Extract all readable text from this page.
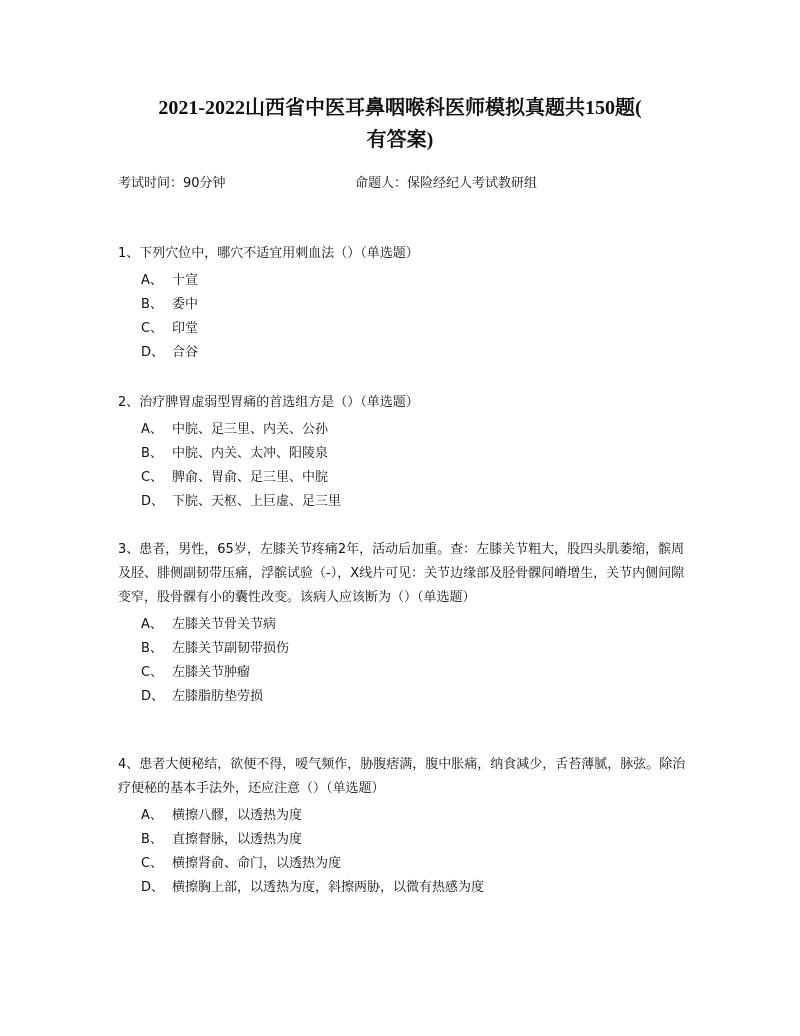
2021-2022山西省中医耳鼻咽喉科医师模拟真题共150题(
有答案)
考试时间：90分钟	命题人：保险经纪人考试教研组

1、下列穴位中，哪穴不适宜用刺血法（）（单选题）

A、 十宣
B、 委中
C、 印堂
D、 合谷

2、治疗脾胃虚弱型胃痛的首选组方是（）（单选题）

A、 中脘、足三里、内关、公孙
B、 中脘、内关、太冲、阳陵泉
C、 脾俞、胃俞、足三里、中脘
D、 下脘、天枢、上巨虚、足三里

3、患者，男性，65岁，左膝关节疼痛2年，活动后加重。查：左膝关节粗大，股四头肌萎缩，髌周及胫、腓侧副韧带压痛，浮髌试验（-），X线片可见：关节边缘部及胫骨髁间嵴增生，关节内侧间隙变窄，股骨髁有小的囊性改变。该病人应该断为（）（单选题）

A、 左膝关节骨关节病
B、 左膝关节副韧带损伤
C、 左膝关节肿瘤
D、 左膝脂肪垫劳损

4、患者大便秘结，欲便不得，嗳气频作，胁腹痞满，腹中胀痛，纳食减少，舌苔薄腻，脉弦。除治疗便秘的基本手法外，还应注意（）（单选题）

A、 横擦八髎，以透热为度
B、 直擦督脉，以透热为度
C、 横擦肾俞、命门，以透热为度
D、 横擦胸上部，以透热为度，斜擦两胁，以微有热感为度
